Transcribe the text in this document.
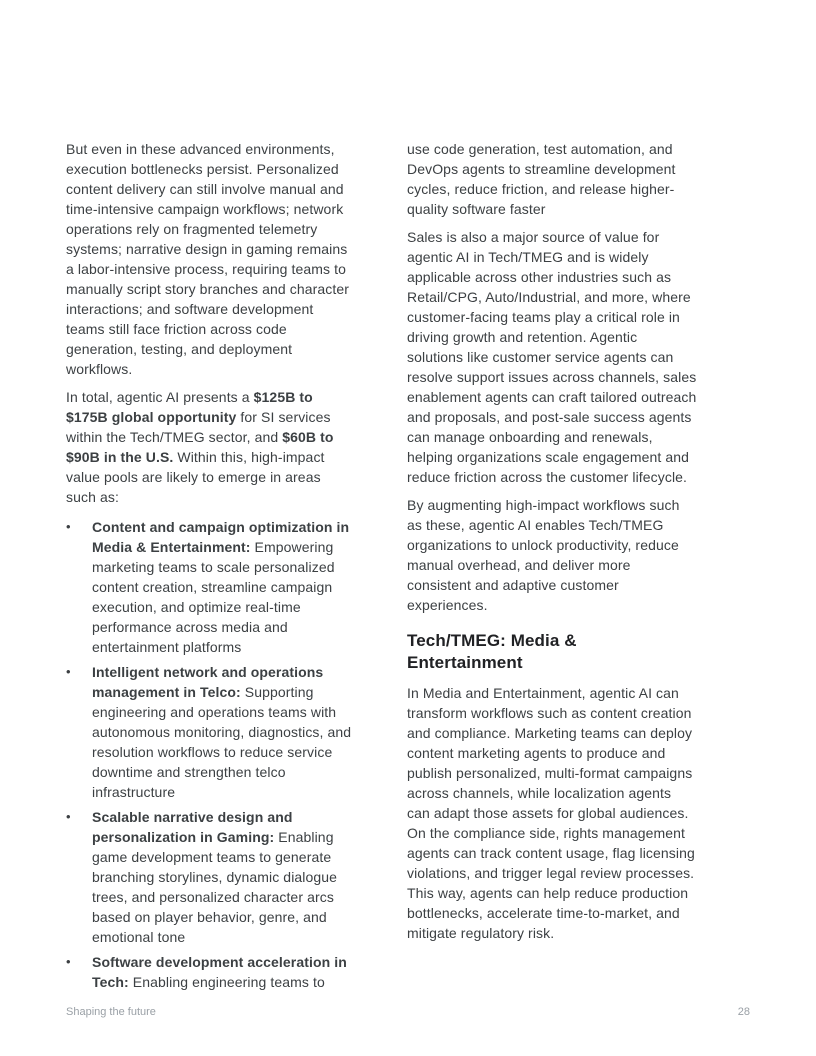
But even in these advanced environments, execution bottlenecks persist. Personalized content delivery can still involve manual and time-intensive campaign workflows; network operations rely on fragmented telemetry systems; narrative design in gaming remains a labor-intensive process, requiring teams to manually script story branches and character interactions; and software development teams still face friction across code generation, testing, and deployment workflows.

In total, agentic AI presents a $125B to $175B global opportunity for SI services within the Tech/TMEG sector, and $60B to $90B in the U.S. Within this, high-impact value pools are likely to emerge in areas such as:

•	Content and campaign optimization in Media & Entertainment: Empowering marketing teams to scale personalized content creation, streamline campaign execution, and optimize real-time performance across media and entertainment platforms
•	Intelligent network and operations management in Telco: Supporting engineering and operations teams with autonomous monitoring, diagnostics, and resolution workflows to reduce service downtime and strengthen telco infrastructure
•	Scalable narrative design and personalization in Gaming: Enabling game development teams to generate branching storylines, dynamic dialogue trees, and personalized character arcs based on player behavior, genre, and emotional tone
•	Software development acceleration in Tech: Enabling engineering teams to

use code generation, test automation, and DevOps agents to streamline development cycles, reduce friction, and release higher-quality software faster

Sales is also a major source of value for agentic AI in Tech/TMEG and is widely applicable across other industries such as Retail/CPG, Auto/Industrial, and more, where customer-facing teams play a critical role in driving growth and retention. Agentic solutions like customer service agents can resolve support issues across channels, sales enablement agents can craft tailored outreach and proposals, and post-sale success agents can manage onboarding and renewals, helping organizations scale engagement and reduce friction across the customer lifecycle.

By augmenting high-impact workflows such as these, agentic AI enables Tech/TMEG organizations to unlock productivity, reduce manual overhead, and deliver more consistent and adaptive customer experiences.

Tech/TMEG: Media & Entertainment

In Media and Entertainment, agentic AI can transform workflows such as content creation and compliance. Marketing teams can deploy content marketing agents to produce and publish personalized, multi-format campaigns across channels, while localization agents can adapt those assets for global audiences. On the compliance side, rights management agents can track content usage, flag licensing violations, and trigger legal review processes. This way, agents can help reduce production bottlenecks, accelerate time-to-market, and mitigate regulatory risk.

Shaping the future	28
